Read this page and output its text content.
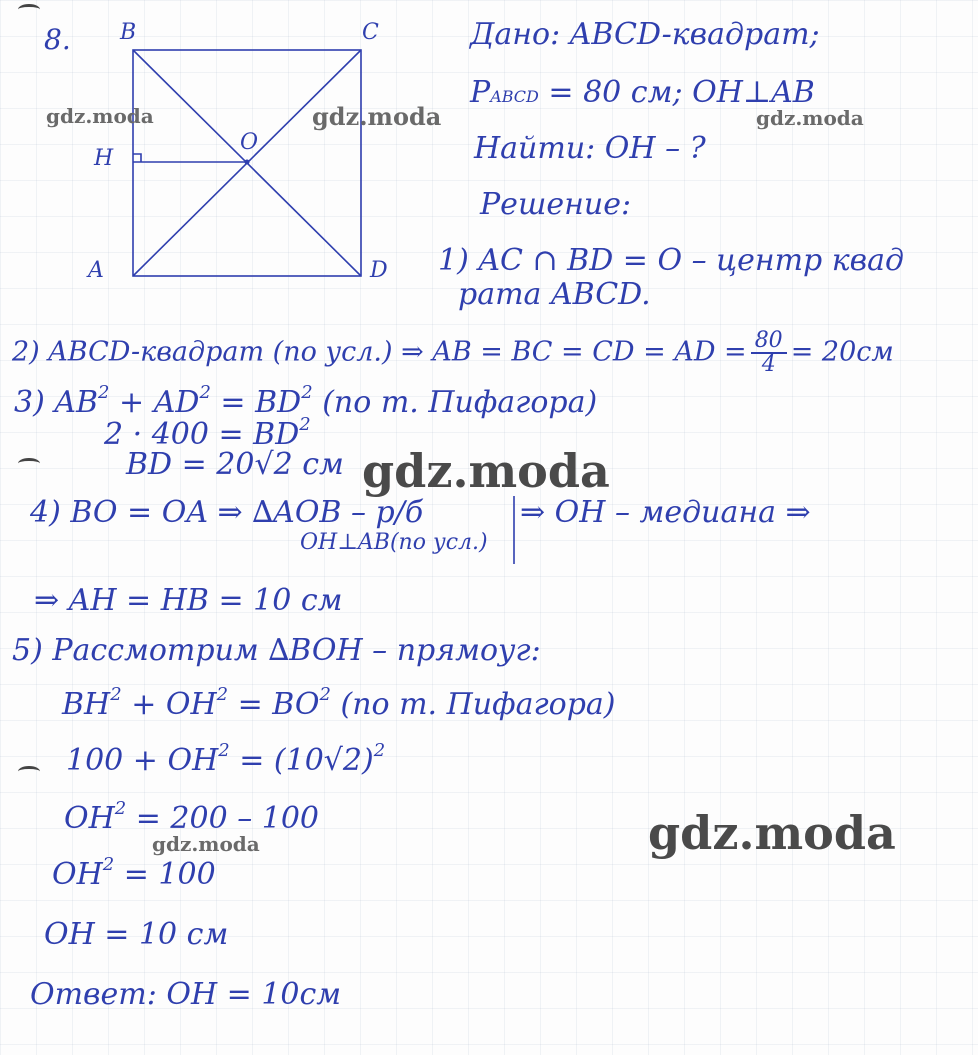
8. B	C
A	D
O
H
Дано: ABCD-квадрат;
PABCD = 80 см; OH⊥AB
Найти: OH – ?
Решение:
1) AC ∩ BD = O – центр квад
рата ABCD.
2) ABCD-квадрат (по усл.) ⇒ AB = BC = CD = AD = $\frac{80}{4} = 20см$
3) $AB^2 + AD^2 = BD^2$ (по т. Пифагора)
$2 \cdot 400 = BD^2$
BD = 20√2 см
4) BO = OA ⇒ ∆AOB – р/б	⇒ OH – медиана ⇒
OH⊥AB(по усл.)
⇒ AH = HB = 10 см
5) Рассмотрим ∆BOH – прямоуг:
$BH^2 + OH^2 = BO^2$ (по т. Пифагора)
$100 + OH^2 = (10√2)^2$
$OH^2 = 200 - 100$
$OH^2 = 100$
OH = 10 см
Ответ: OH = 10см
gdz.moda	gdz.moda	gdz.moda
gdz.moda
gdz.moda
gdz.moda
